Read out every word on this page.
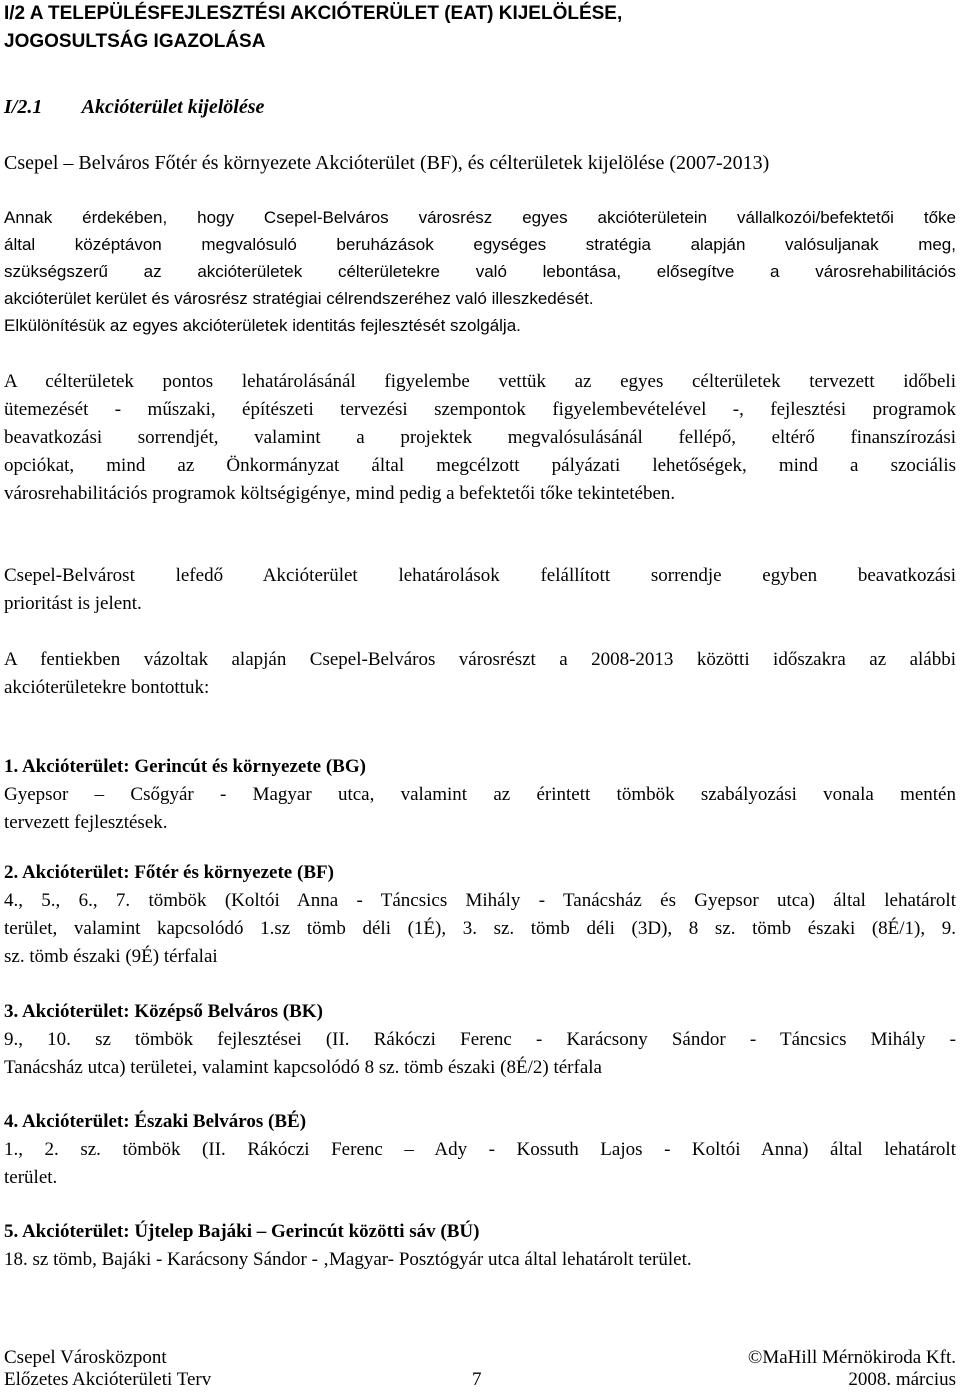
I/2 A TELEPÜLÉSFEJLESZTÉSI AKCIÓTERÜLET (EAT) KIJELÖLÉSE,
JOGOSULTSÁG IGAZOLÁSA
I/2.1 Akcióterület kijelölése
Csepel – Belváros Főtér és környezete Akcióterület (BF), és célterületek kijelölése (2007-2013)
Annak érdekében, hogy Csepel-Belváros városrész egyes akcióterületein vállalkozói/befektetői tőke
által középtávon megvalósuló beruházások egységes stratégia alapján valósuljanak meg,
szükségszerű az akcióterületek célterületekre való lebontása, elősegítve a városrehabilitációs
akcióterület kerület és városrész stratégiai célrendszeréhez való illeszkedését.
Elkülönítésük az egyes akcióterületek identitás fejlesztését szolgálja.
A célterületek pontos lehatárolásánál figyelembe vettük az egyes célterületek tervezett időbeli
ütemezését - műszaki, építészeti tervezési szempontok figyelembevételével -, fejlesztési programok
beavatkozási sorrendjét, valamint a projektek megvalósulásánál fellépő, eltérő finanszírozási
opciókat, mind az Önkormányzat által megcélzott pályázati lehetőségek, mind a szociális
városrehabilitációs programok költségigénye, mind pedig a befektetői tőke tekintetében.
Csepel-Belvárost lefedő Akcióterület lehatárolások felállított sorrendje egyben beavatkozási
prioritást is jelent.
A fentiekben vázoltak alapján Csepel-Belváros városrészt a 2008-2013 közötti időszakra az alábbi
akcióterületekre bontottuk:
1. Akcióterület: Gerincút és környezete (BG)
Gyepsor – Csőgyár - Magyar utca, valamint az érintett tömbök szabályozási vonala mentén
tervezett fejlesztések.
2. Akcióterület: Főtér és környezete (BF)
4., 5., 6., 7. tömbök (Koltói Anna - Táncsics Mihály - Tanácsház és Gyepsor utca) által lehatárolt
terület, valamint kapcsolódó 1.sz tömb déli (1É), 3. sz. tömb déli (3D), 8 sz. tömb északi (8É/1), 9.
sz. tömb északi (9É) térfalai
3. Akcióterület: Középső Belváros (BK)
9., 10. sz tömbök fejlesztései (II. Rákóczi Ferenc - Karácsony Sándor - Táncsics Mihály -
Tanácsház utca) területei, valamint kapcsolódó 8 sz. tömb északi (8É/2) térfala
4. Akcióterület: Északi Belváros (BÉ)
1., 2. sz. tömbök (II. Rákóczi Ferenc – Ady - Kossuth Lajos - Koltói Anna) által lehatárolt
terület.
5. Akcióterület: Újtelep Bajáki – Gerincút közötti sáv (BÚ)
18. sz tömb, Bajáki - Karácsony Sándor - ‚Magyar- Posztógyár utca által lehatárolt terület.
Csepel Városközpont	©MaHill Mérnökiroda Kft.
Előzetes Akcióterületi Terv	7	2008. március
